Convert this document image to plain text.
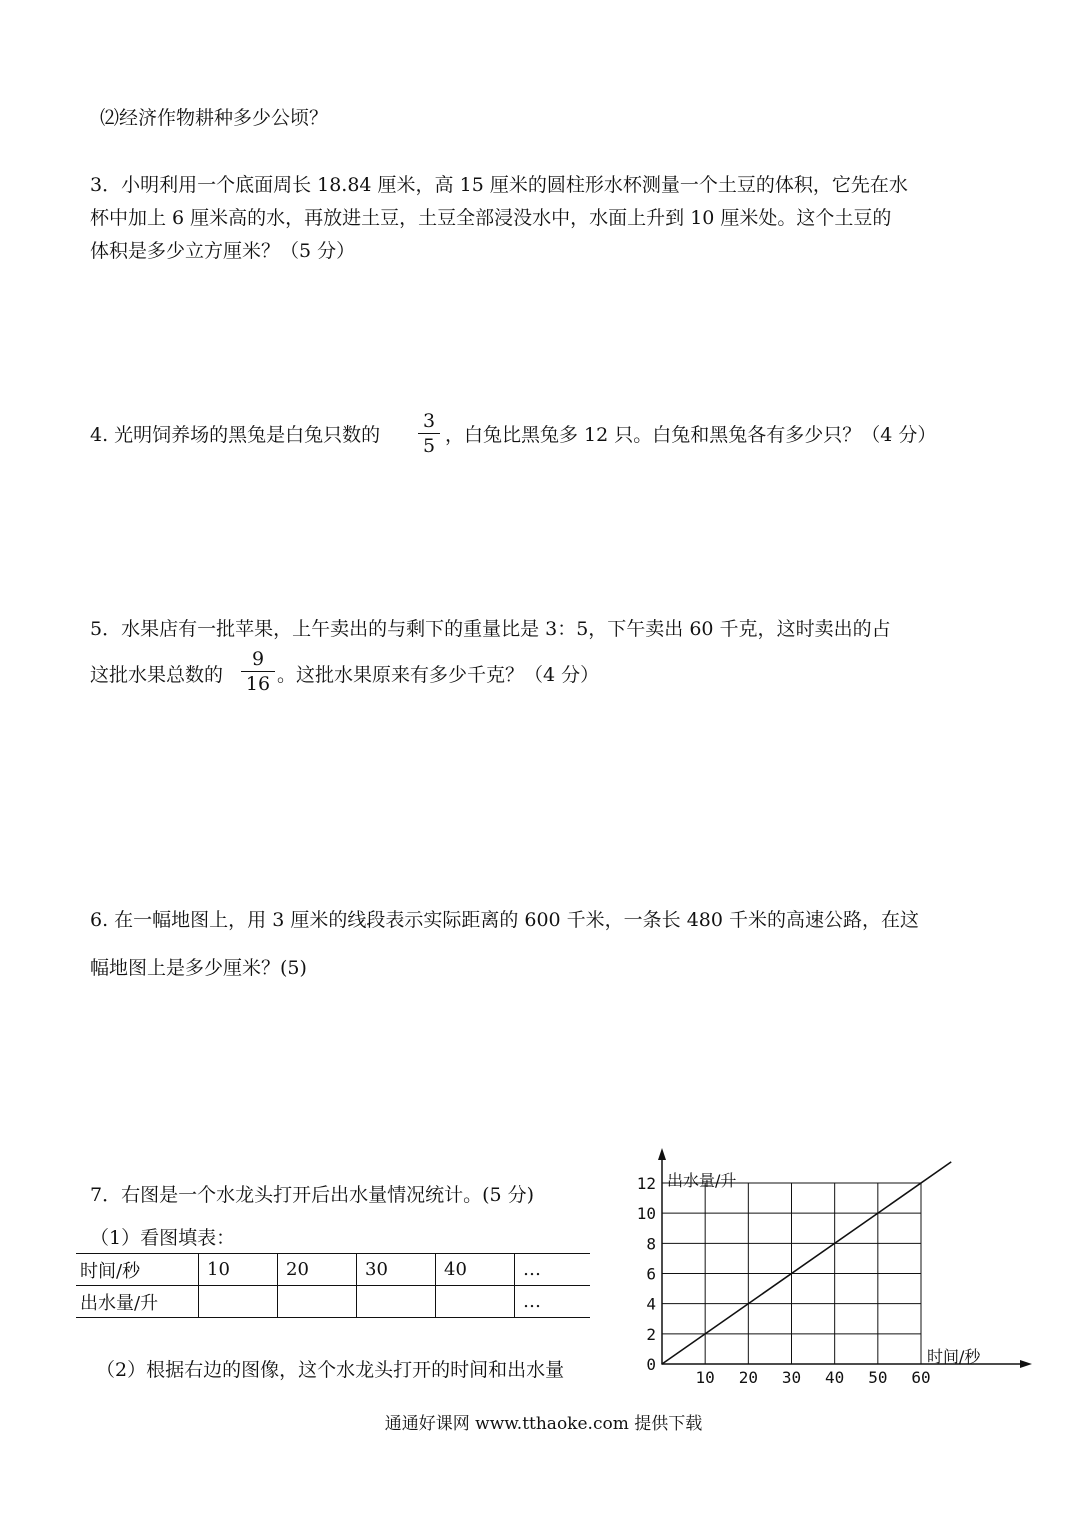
⑵经济作物耕种多少公顷？
3．小明利用一个底面周长 18.84 厘米，高 15 厘米的圆柱形水杯测量一个土豆的体积，它先在水
杯中加上 6 厘米高的水，再放进土豆，土豆全部浸没水中，水面上升到 10 厘米处。这个土豆的
体积是多少立方厘米？（5 分）
4. 光明饲养场的黑兔是白兔只数的
3
5 ，白兔比黑兔多 12 只。白兔和黑兔各有多少只？（4 分）
5．水果店有一批苹果，上午卖出的与剩下的重量比是 3：5，下午卖出 60 千克，这时卖出的占
这批水果总数的
9
16 。这批水果原来有多少千克？（4 分）
6. 在一幅地图上，用 3 厘米的线段表示实际距离的 600 千米，一条长 480 千米的高速公路，在这
幅地图上是多少厘米？(5)
7．右图是一个水龙头打开后出水量情况统计。(5 分)
（1）看图填表：
时间/秒	10	20	30	40	…
出水量/升					…
（2）根据右边的图像，这个水龙头打开的时间和出水量	10 20 30 40 50 60
0
2
4
6
8
10
12 出水量/升
时间/秒
通通好课网 www.tthaoke.com 提供下载
